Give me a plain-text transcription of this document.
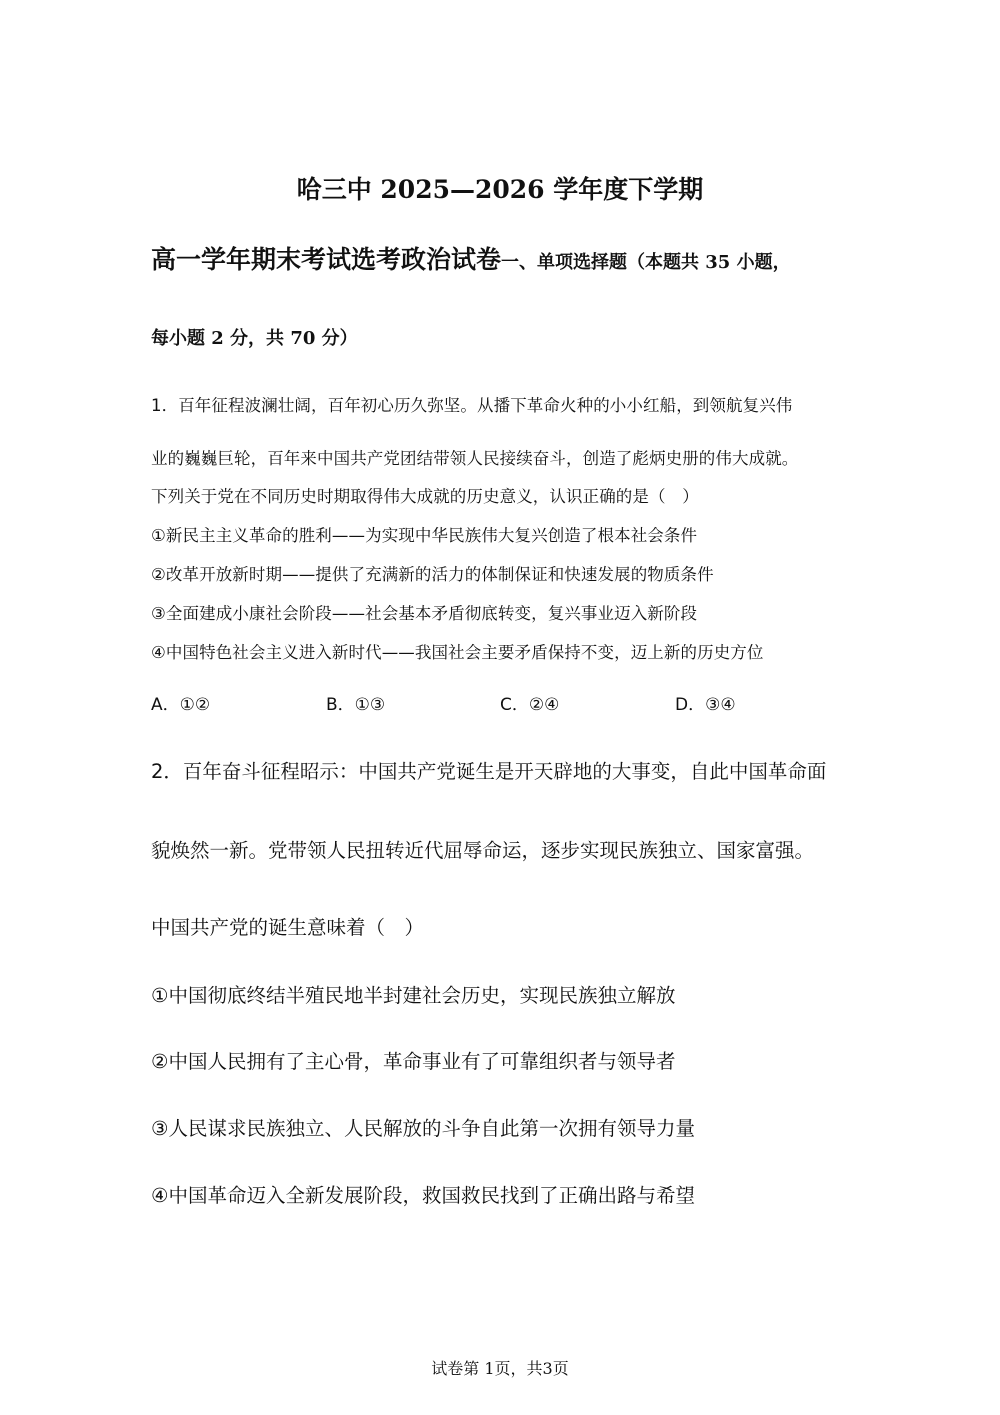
哈三中 2025—2026 学年度下学期
高一学年期末考试选考政治试卷一、单项选择题（本题共 35 小题，
每小题 2 分，共 70 分）
1．百年征程波澜壮阔，百年初心历久弥坚。从播下革命火种的小小红船，到领航复兴伟
业的巍巍巨轮，百年来中国共产党团结带领人民接续奋斗，创造了彪炳史册的伟大成就。
下列关于党在不同历史时期取得伟大成就的历史意义，认识正确的是（　）
①新民主主义革命的胜利——为实现中华民族伟大复兴创造了根本社会条件
②改革开放新时期——提供了充满新的活力的体制保证和快速发展的物质条件
③全面建成小康社会阶段——社会基本矛盾彻底转变，复兴事业迈入新阶段
④中国特色社会主义进入新时代——我国社会主要矛盾保持不变，迈上新的历史方位
A．①②	B．①③	C．②④	D．③④
2．百年奋斗征程昭示：中国共产党诞生是开天辟地的大事变，自此中国革命面
貌焕然一新。党带领人民扭转近代屈辱命运，逐步实现民族独立、国家富强。
中国共产党的诞生意味着（　）
①中国彻底终结半殖民地半封建社会历史，实现民族独立解放
②中国人民拥有了主心骨，革命事业有了可靠组织者与领导者
③人民谋求民族独立、人民解放的斗争自此第一次拥有领导力量
④中国革命迈入全新发展阶段，救国救民找到了正确出路与希望
试卷第 1页，共3页
